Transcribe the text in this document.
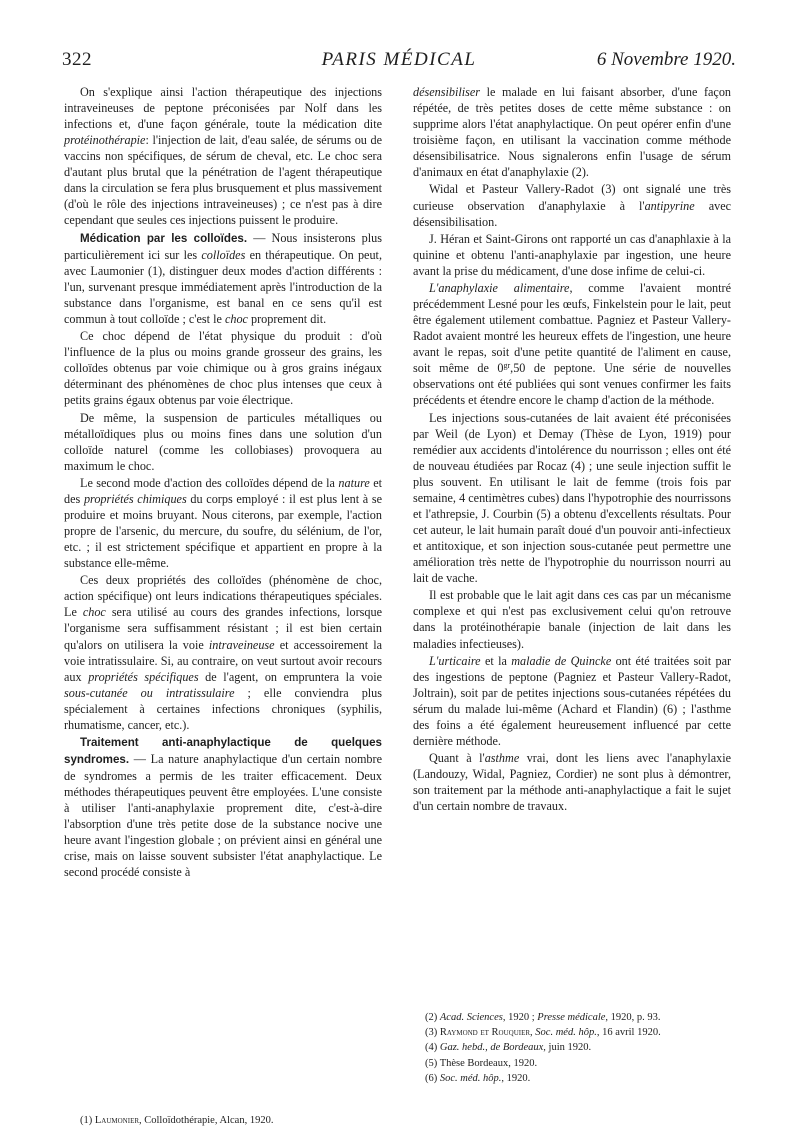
322	PARIS MÉDICAL	6 Novembre 1920.

On s'explique ainsi l'action thérapeutique des injections intraveineuses de peptone préconisées par Nolf dans les infections et, d'une façon générale, toute la médication dite protéinothérapie: l'injection de lait, d'eau salée, de sérums ou de vaccins non spécifiques, de sérum de cheval, etc. Le choc sera d'autant plus brutal que la pénétration de l'agent thérapeutique dans la circulation se fera plus brusquement et plus massivement (d'où le rôle des injections intraveineuses) ; ce n'est pas à dire cependant que seules ces injections puissent le produire.

Médication par les colloïdes. — Nous insisterons plus particulièrement ici sur les colloïdes en thérapeutique. On peut, avec Laumonier (1), distinguer deux modes d'action différents : l'un, survenant presque immédiatement après l'introduction de la substance dans l'organisme, est banal en ce sens qu'il est commun à tout colloïde ; c'est le choc proprement dit.

Ce choc dépend de l'état physique du produit : d'où l'influence de la plus ou moins grande grosseur des grains, les colloïdes obtenus par voie chimique ou à gros grains inégaux déterminant des phénomènes de choc plus intenses que ceux à petits grains égaux obtenus par voie électrique.

De même, la suspension de particules métalliques ou métalloïdiques plus ou moins fines dans une solution d'un colloïde naturel (comme les collobiases) provoquera au maximum le choc.

Le second mode d'action des colloïdes dépend de la nature et des propriétés chimiques du corps employé : il est plus lent à se produire et moins bruyant. Nous citerons, par exemple, l'action propre de l'arsenic, du mercure, du soufre, du sélénium, de l'or, etc. ; il est strictement spécifique et appartient en propre à la substance elle-même.

Ces deux propriétés des colloïdes (phénomène de choc, action spécifique) ont leurs indications thérapeutiques spéciales. Le choc sera utilisé au cours des grandes infections, lorsque l'organisme sera suffisamment résistant ; il est bien certain qu'alors on utilisera la voie intraveineuse et accessoirement la voie intratissulaire. Si, au contraire, on veut surtout avoir recours aux propriétés spécifiques de l'agent, on empruntera la voie sous-cutanée ou intratissulaire ; elle conviendra plus spécialement à certaines infections chroniques (syphilis, rhumatisme, cancer, etc.).

Traitement anti-anaphylactique de quelques syndromes. — La nature anaphylactique d'un certain nombre de syndromes a permis de les traiter efficacement. Deux méthodes thérapeutiques peuvent être employées. L'une consiste à utiliser l'anti-anaphylaxie proprement dite, c'est-à-dire l'absorption d'une très petite dose de la substance nocive une heure avant l'ingestion globale ; on prévient ainsi en général une crise, mais on laisse souvent subsister l'état anaphylactique. Le second procédé consiste à

(1) Laumonier, Colloïdothérapie, Alcan, 1920.

désensibiliser le malade en lui faisant absorber, d'une façon répétée, de très petites doses de cette même substance : on supprime alors l'état anaphylactique. On peut opérer enfin d'une troisième façon, en utilisant la vaccination comme méthode désensibilisatrice. Nous signalerons enfin l'usage de sérum d'animaux en état d'anaphylaxie (2).

Widal et Pasteur Vallery-Radot (3) ont signalé une très curieuse observation d'anaphylaxie à l'antipyrine avec désensibilisation.

J. Héran et Saint-Girons ont rapporté un cas d'anaphlaxie à la quinine et obtenu l'anti-anaphylaxie par ingestion, une heure avant la prise du médicament, d'une dose infime de celui-ci.

L'anaphylaxie alimentaire, comme l'avaient montré précédemment Lesné pour les œufs, Finkelstein pour le lait, peut être également utilement combattue. Pagniez et Pasteur Vallery-Radot avaient montré les heureux effets de l'ingestion, une heure avant le repas, soit d'une petite quantité de l'aliment en cause, soit même de $0^{gr},50$ de peptone. Une série de nouvelles observations ont été publiées qui sont venues confirmer les faits précédents et étendre encore le champ d'action de la méthode.

Les injections sous-cutanées de lait avaient été préconisées par Weil (de Lyon) et Demay (Thèse de Lyon, 1919) pour remédier aux accidents d'intolérence du nourrisson ; elles ont été de nouveau étudiées par Rocaz (4) ; une seule injection suffit le plus souvent. En utilisant le lait de femme (trois fois par semaine, 4 centimètres cubes) dans l'hypotrophie des nourrissons et l'athrepsie, J. Courbin (5) a obtenu d'excellents résultats. Pour cet auteur, le lait humain paraît doué d'un pouvoir anti-infectieux et antitoxique, et son injection sous-cutanée peut permettre une amélioration très nette de l'hypotrophie du nourrisson nourri au lait de vache.

Il est probable que le lait agit dans ces cas par un mécanisme complexe et qui n'est pas exclusivement celui qu'on retrouve dans la protéinothérapie banale (injection de lait dans les maladies infectieuses).

L'urticaire et la maladie de Quincke ont été traitées soit par des ingestions de peptone (Pagniez et Pasteur Vallery-Radot, Joltrain), soit par de petites injections sous-cutanées répétées du sérum du malade lui-même (Achard et Flandin) (6) ; l'asthme des foins a été également heureusement influencé par cette dernière méthode.

Quant à l'asthme vrai, dont les liens avec l'anaphylaxie (Landouzy, Widal, Pagniez, Cordier) ne sont plus à démontrer, son traitement par la méthode anti-anaphylactique a fait le sujet d'un certain nombre de travaux.

(2) Acad. Sciences, 1920 ; Presse médicale, 1920, p. 93.
(3) Raymond et Rouquier, Soc. méd. hôp., 16 avril 1920.
(4) Gaz. hebd., de Bordeaux, juin 1920.
(5) Thèse Bordeaux, 1920.
(6) Soc. méd. hôp., 1920.
